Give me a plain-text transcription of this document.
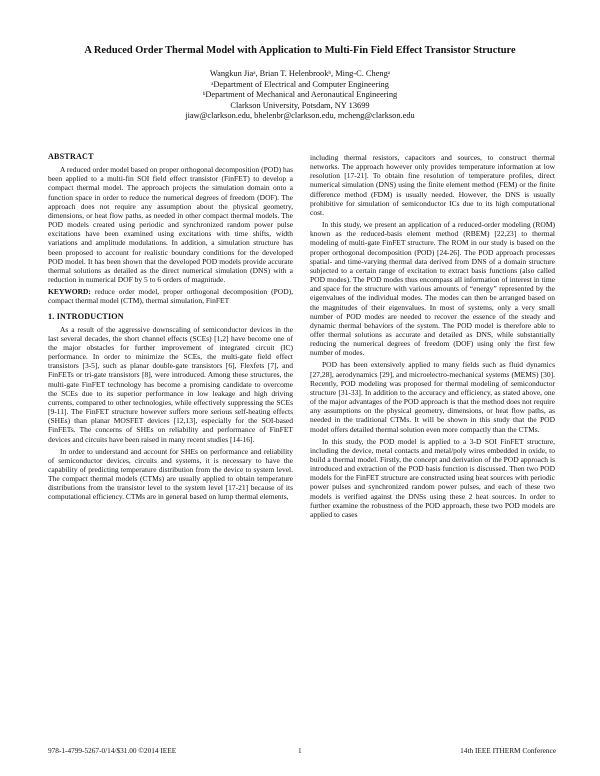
A Reduced Order Thermal Model with Application to Multi-Fin Field Effect Transistor Structure
Wangkun Jiaᵃ, Brian T. Helenbrookᵇ, Ming-C. Chengᵃ
ᵃDepartment of Electrical and Computer Engineering
ᵇDepartment of Mechanical and Aeronautical Engineering
Clarkson University, Potsdam, NY 13699
jiaw@clarkson.edu, bhelenbr@clarkson.edu, mcheng@clarkson.edu
ABSTRACT

A reduced order model based on proper orthogonal decomposition (POD) has been applied to a multi-fin SOI field effect transistor (FinFET) to develop a compact thermal model. The approach projects the simulation domain onto a function space in order to reduce the numerical degrees of freedom (DOF). The approach does not require any assumption about the physical geometry, dimensions, or heat flow paths, as needed in other compact thermal models. The POD models created using periodic and synchronized random power pulse excitations have been examined using excitations with time shifts, width variations and amplitude modulations. In addition, a simulation structure has been proposed to account for realistic boundary conditions for the developed POD model. It has been shown that the developed POD models provide accurate thermal solutions as detailed as the direct numerical simulation (DNS) with a reduction in numerical DOF by 5 to 6 orders of magnitude.

KEYWORD: reduce order model, proper orthogonal decomposition (POD), compact thermal model (CTM), thermal simulation, FinFET

1. INTRODUCTION

As a result of the aggressive downscaling of semiconductor devices in the last several decades, the short channel effects (SCEs) [1,2] have become one of the major obstacles for further improvement of integrated circuit (IC) performance. In order to minimize the SCEs, the multi-gate field effect transistors [3-5], such as planar double-gate transistors [6], Flexfets [7], and FinFETs or tri-gate transistors [8], were introduced. Among these structures, the multi-gate FinFET technology has become a promising candidate to overcome the SCEs due to its superior performance in low leakage and high driving currents, compared to other technologies, while effectively suppressing the SCEs [9-11]. The FinFET structure however suffers more serious self-heating effects (SHEs) than planar MOSFET devices [12,13], especially for the SOI-based FinFETs. The concerns of SHEs on reliability and performance of FinFET devices and circuits have been raised in many recent studies [14-16].

In order to understand and account for SHEs on performance and reliability of semiconductor devices, circuits and systems, it is necessary to have the capability of predicting temperature distribution from the device to system level. The compact thermal models (CTMs) are usually applied to obtain temperature distributions from the transistor level to the system level [17-21] because of its computational efficiency. CTMs are in general based on lump thermal elements,

including thermal resistors, capacitors and sources, to construct thermal networks. The approach however only provides temperature information at low resolution [17-21]. To obtain fine resolution of temperature profiles, direct numerical simulation (DNS) using the finite element method (FEM) or the finite difference method (FDM) is usually needed. However, the DNS is usually prohibitive for simulation of semiconductor ICs due to its high computational cost.

In this study, we present an application of a reduced-order modeling (ROM) known as the reduced-basis element method (RBEM) [22,23] to thermal modeling of multi-gate FinFET structure. The ROM in our study is based on the proper orthogonal decomposition (POD) [24-26]. The POD approach processes spatial- and time-varying thermal data derived from DNS of a domain structure subjected to a certain range of excitation to extract basis functions (also called POD modes). The POD modes thus encompass all information of interest in time and space for the structure with various amounts of “energy” represented by the eigenvalues of the individual modes. The modes can then be arranged based on the magnitudes of their eigenvalues. In most of systems, only a very small number of POD modes are needed to recover the essence of the steady and dynamic thermal behaviors of the system. The POD model is therefore able to offer thermal solutions as accurate and detailed as DNS, while substantially reducing the numerical degrees of freedom (DOF) using only the first few number of modes.

POD has been extensively applied to many fields such as fluid dynamics [27,28], aerodynamics [29], and microelectro-mechanical systems (MEMS) [30]. Recently, POD modeling was proposed for thermal modeling of semiconductor structure [31-33]. In addition to the accuracy and efficiency, as stated above, one of the major advantages of the POD approach is that the method does not require any assumptions on the physical geometry, dimensions, or heat flow paths, as needed in the traditional CTMs. It will be shown in this study that the POD model offers detailed thermal solution even more compactly than the CTMs.

In this study, the POD model is applied to a 3-D SOI FinFET structure, including the device, metal contacts and metal/poly wires embedded in oxide, to build a thermal model. Firstly, the concept and derivation of the POD approach is introduced and extraction of the POD basis function is discussed. Then two POD models for the FinFET structure are constructed using heat sources with periodic power pulses and synchronized random power pulses, and each of these two models is verified against the DNSs using these 2 heat sources. In order to further examine the robustness of the POD approach, these two POD models are applied to cases

978-1-4799-5267-0/14/$31.00 ©2014 IEEE	1	14th IEEE ITHERM Conference
